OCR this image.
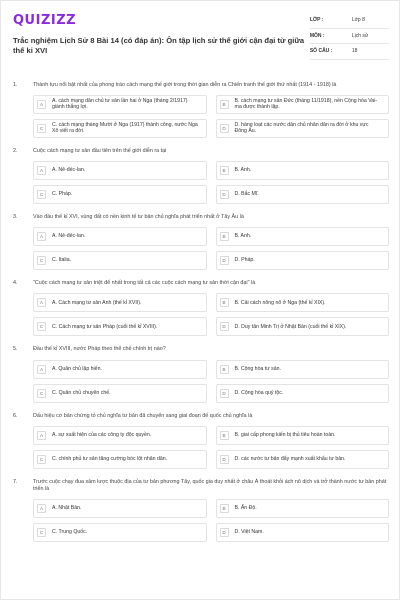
QUIZIZZ
Trắc nghiệm Lịch Sử 8 Bài 14 (có đáp án): Ôn tập lịch sử thế giới cận đại từ giữa thế kỉ XVI
LỚP :	Lớp 8
MÔN :	Lịch sử
SỐ CÂU :	18
1.	Thành tựu nổi bật nhất của phong trào cách mạng thế giới trong thời gian diễn ra Chiến tranh thế giới thứ nhất (1914 - 1918) là
A
A. cách mạng dân chủ tư sản lần hai ở Nga (tháng 2/1917) giành thắng lợi.	B
B. cách mạng tư sản Đức (tháng 11/1918), nền Cộng hòa Vai-ma được thành lập.
C
C. cách mạng tháng Mười ở Nga (1917) thành công, nước Nga Xô viết ra đời.	D
D. hàng loạt các nước dân chủ nhân dân ra đời ở khu vực Đông Âu.
2.	Cuộc cách mạng tư sản đầu tiên trên thế giới diễn ra tại
A	A. Nê-đéc-lan.	B	B. Anh.
C	C. Pháp.	D	D. Bắc Mĩ.
3.	Vào đầu thế kỉ XVI, vùng đất có nền kinh tế tư bản chủ nghĩa phát triển nhất ở Tây Âu là
A	A. Nê-đéc-lan.	B	B. Anh.
C	C. Italia.	D	D. Pháp.
4.	"Cuộc cách mạng tư sản triệt để nhất trong tất cả các cuộc cách mạng tư sản thời cận đại" là
A	A. Cách mạng tư sản Anh (thế kỉ XVII).	B	B. Cải cách nông nô ở Nga (thế kỉ XIX).
C	C. Cách mạng tư sản Pháp (cuối thế kỉ XVIII).	D	D. Duy tân Minh Trị ở Nhật Bản (cuối thế kỉ XIX).
5.	Đầu thế kỉ XVIII, nước Pháp theo thể chế chính trị nào?
A	A. Quân chủ lập hiến.	B	B. Cộng hòa tư sản.
C	C. Quân chủ chuyên chế.	D	D. Cộng hòa quý tộc.
6.	Dấu hiệu cơ bản chứng tỏ chủ nghĩa tư bản đã chuyển sang giai đoạn đế quốc chủ nghĩa là
A	A. sự xuất hiện của các công ty độc quyền.	B	B. giai cấp phong kiến bị thủ tiêu hoàn toàn.
C	C. chính phủ tư sản tăng cường bóc lột nhân dân.	D	D. các nước tư bản đẩy mạnh xuất khẩu tư bản.
7.	Trước cuộc chạy đua xâm lược thuộc địa của tư bản phương Tây, quốc gia duy nhất ở châu Á thoát khỏi ách nô dịch và trở thành nước tư bản phát triển là
A	A. Nhật Bản.	B	B. Ấn Độ.
C	C. Trung Quốc.	D	D. Việt Nam.
